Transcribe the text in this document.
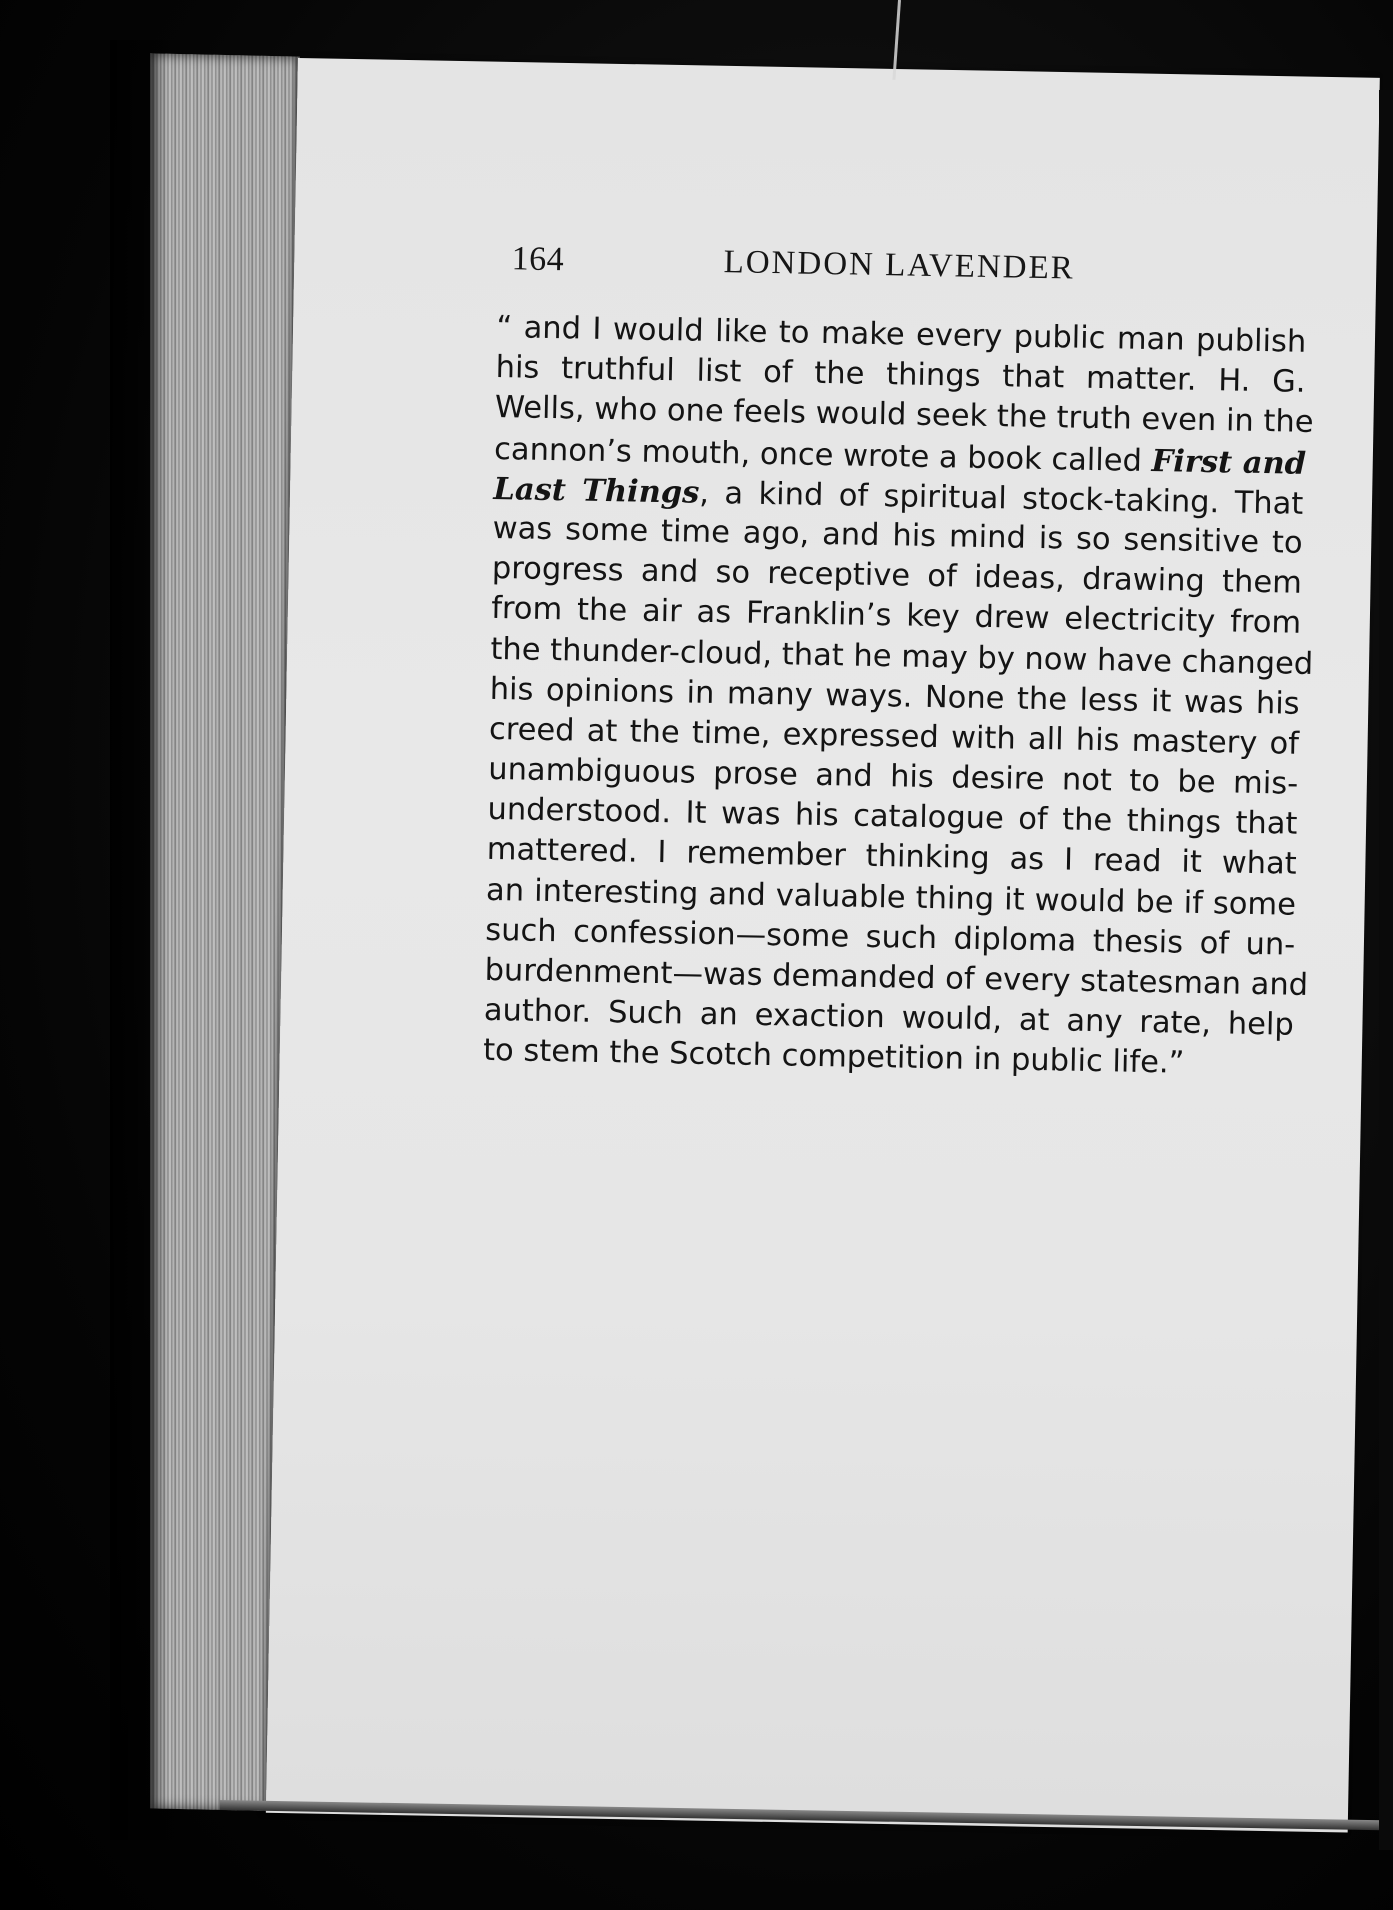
164	LONDON LAVENDER
“ and I would like to make every public man publish
his truthful list of the things that matter. H. G.
Wells, who one feels would seek the truth even in the
cannon’s mouth, once wrote a book called First and
Last Things, a kind of spiritual stock-taking. That
was some time ago, and his mind is so sensitive to
progress and so receptive of ideas, drawing them
from the air as Franklin’s key drew electricity from
the thunder-cloud, that he may by now have changed
his opinions in many ways. None the less it was his
creed at the time, expressed with all his mastery of
unambiguous prose and his desire not to be mis-
understood. It was his catalogue of the things that
mattered. I remember thinking as I read it what
an interesting and valuable thing it would be if some
such confession—some such diploma thesis of un-
burdenment—was demanded of every statesman and
author. Such an exaction would, at any rate, help
to stem the Scotch competition in public life.”
